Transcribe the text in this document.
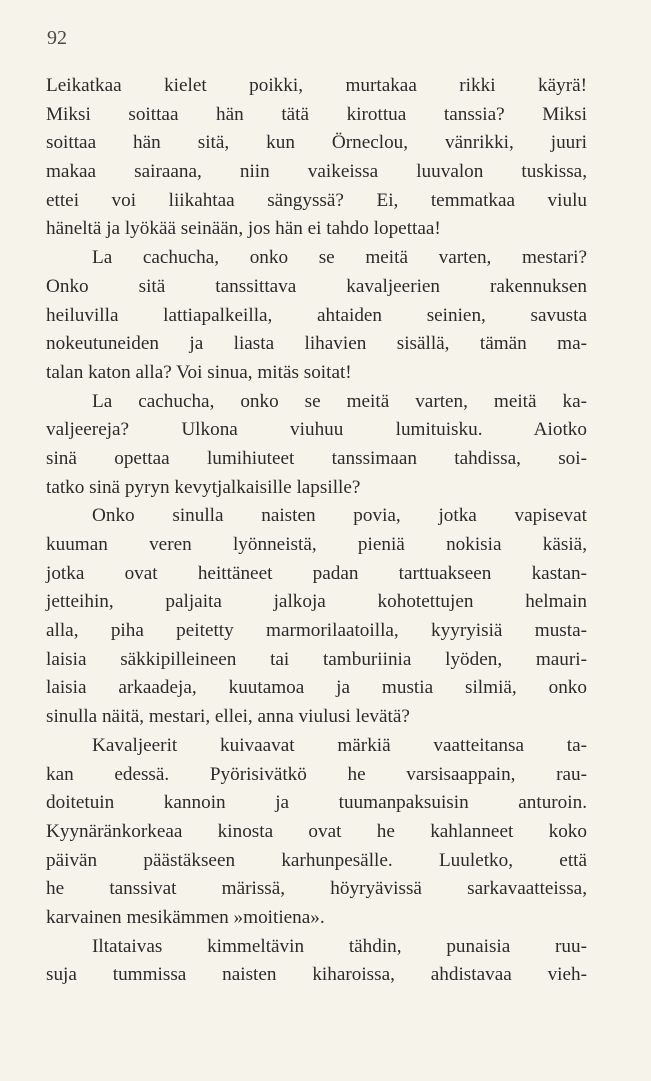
92
Leikatkaa kielet poikki, murtakaa rikki käyrä!
Miksi soittaa hän tätä kirottua tanssia? Miksi
soittaa hän sitä, kun Örneclou, vänrikki, juuri
makaa sairaana, niin vaikeissa luuvalon tuskissa,
ettei voi liikahtaa sängyssä? Ei, temmatkaa viulu
häneltä ja lyökää seinään, jos hän ei tahdo lopettaa!
La cachucha, onko se meitä varten, mestari?
Onko sitä tanssittava kavaljeerien rakennuksen
heiluvilla lattiapalkeilla, ahtaiden seinien, savusta
nokeutuneiden ja liasta lihavien sisällä, tämän ma-
talan katon alla? Voi sinua, mitäs soitat!
La cachucha, onko se meitä varten, meitä ka-
valjeereja? Ulkona viuhuu lumituisku. Aiotko
sinä opettaa lumihiuteet tanssimaan tahdissa, soi-
tatko sinä pyryn kevytjalkaisille lapsille?
Onko sinulla naisten povia, jotka vapisevat
kuuman veren lyönneistä, pieniä nokisia käsiä,
jotka ovat heittäneet padan tarttuakseen kastan-
jetteihin, paljaita jalkoja kohotettujen helmain
alla, piha peitetty marmorilaatoilla, kyyryisiä musta-
laisia säkkipilleineen tai tamburiinia lyöden, mauri-
laisia arkaadeja, kuutamoa ja mustia silmiä, onko
sinulla näitä, mestari, ellei, anna viulusi levätä?
Kavaljeerit kuivaavat märkiä vaatteitansa ta-
kan edessä. Pyörisivätkö he varsisaappain, rau-
doitetuin kannoin ja tuumanpaksuisin anturoin.
Kyynäränkorkeaa kinosta ovat he kahlanneet koko
päivän päästäkseen karhunpesälle. Luuletko, että
he tanssivat märissä, höyryävissä sarkavaatteissa,
karvainen mesikämmen »moitiena».
Iltataivas kimmeltävin tähdin, punaisia ruu-
suja tummissa naisten kiharoissa, ahdistavaa vieh-
